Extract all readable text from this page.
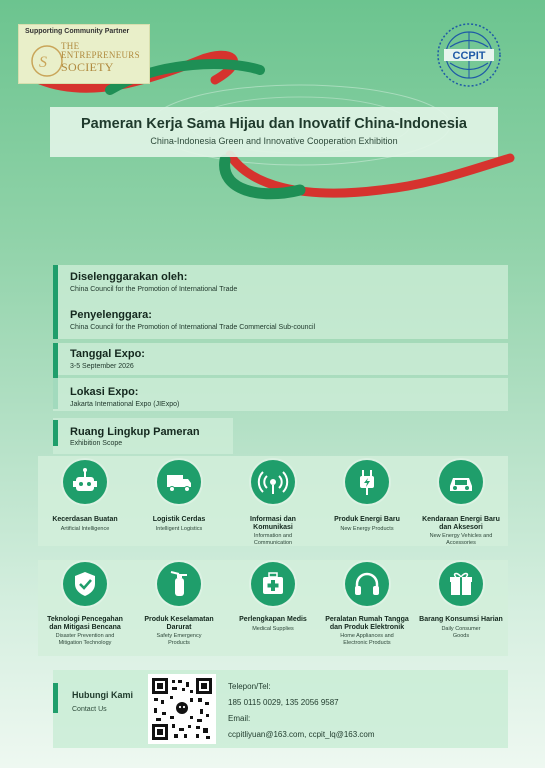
Supporting Community Partner
S
THE
ENTREPRENEURS
SOCIETY
CCPIT
Pameran Kerja Sama Hijau dan Inovatif China-Indonesia
China-Indonesia Green and Innovative Cooperation Exhibition
Diselenggarakan oleh:
China Council for the Promotion of International Trade
Penyelenggara:
China Council for the Promotion of International Trade Commercial Sub-council
Tanggal Expo:
3-5 September 2026
Lokasi Expo:
Jakarta International Expo (JIExpo)
Ruang Lingkup Pameran
Exhibition Scope
Kecerdasan Buatan
Artificial Intelligence
Logistik Cerdas
Intelligent Logistics
Informasi dan Komunikasi
Information and Communication
Produk Energi Baru
New Energy Products
Kendaraan Energi Baru dan Aksesori
New Energy Vehicles and Accessories
Teknologi Pencegahan dan Mitigasi Bencana
Disaster Prevention and Mitigation Technology
Produk Keselamatan Darurat
Safety Emergency Products
Perlengkapan Medis
Medical Supplies
Peralatan Rumah Tangga dan Produk Elektronik
Home Appliances and Electronic Products
Barang Konsumsi Harian
Daily Consumer Goods
Hubungi Kami
Contact Us
Telepon/Tel:
185 0115 0029, 135 2056 9587
Email:
ccpitliyuan@163.com, ccpit_lq@163.com
